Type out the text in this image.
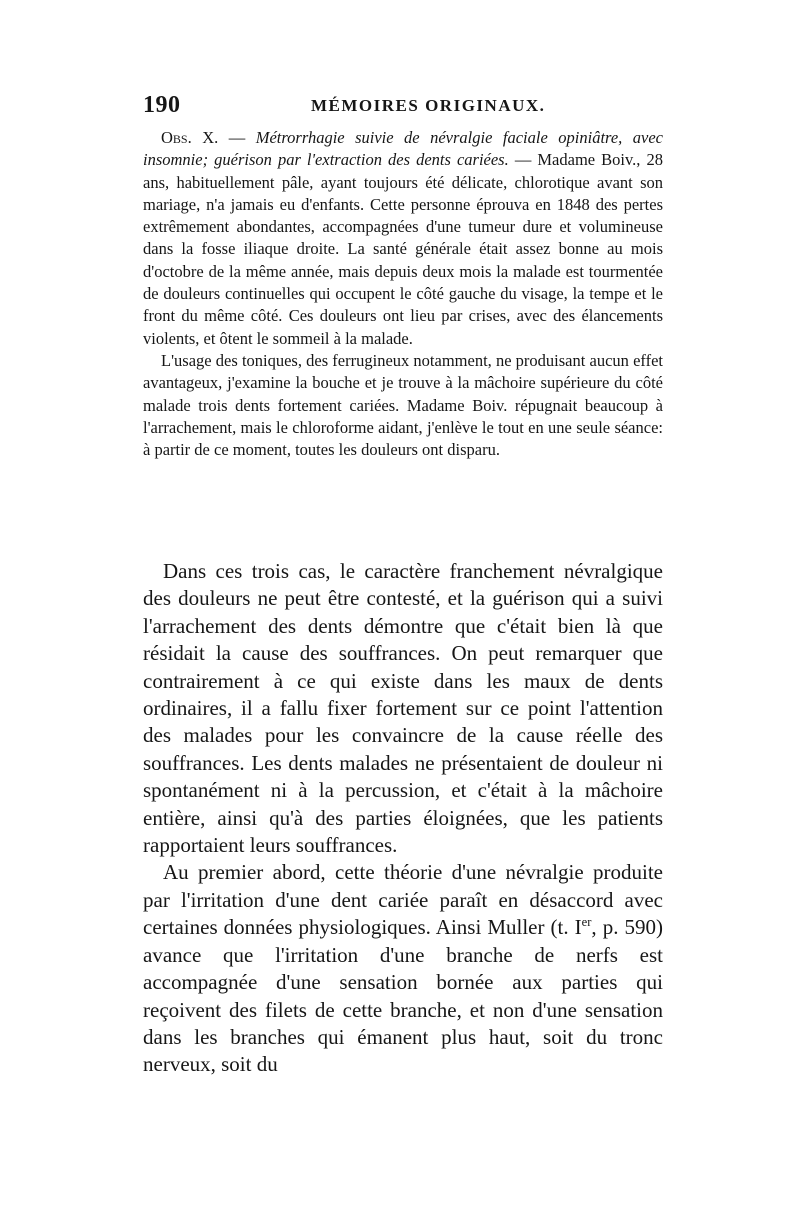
190	MÉMOIRES ORIGINAUX.

Obs. X. — Métrorrhagie suivie de névralgie faciale opiniâtre, avec insomnie; guérison par l'extraction des dents cariées. — Madame Boiv., 28 ans, habituellement pâle, ayant toujours été délicate, chlorotique avant son mariage, n'a jamais eu d'enfants. Cette personne éprouva en 1848 des pertes extrêmement abondantes, accompagnées d'une tumeur dure et volumineuse dans la fosse iliaque droite. La santé générale était assez bonne au mois d'octobre de la même année, mais depuis deux mois la malade est tourmentée de douleurs continuelles qui occupent le côté gauche du visage, la tempe et le front du même côté. Ces douleurs ont lieu par crises, avec des élancements violents, et ôtent le sommeil à la malade.

L'usage des toniques, des ferrugineux notamment, ne produisant aucun effet avantageux, j'examine la bouche et je trouve à la mâchoire supérieure du côté malade trois dents fortement cariées. Madame Boiv. répugnait beaucoup à l'arrachement, mais le chloroforme aidant, j'enlève le tout en une seule séance: à partir de ce moment, toutes les douleurs ont disparu.

Dans ces trois cas, le caractère franchement névralgique des douleurs ne peut être contesté, et la guérison qui a suivi l'arrachement des dents démontre que c'était bien là que résidait la cause des souffrances. On peut remarquer que contrairement à ce qui existe dans les maux de dents ordinaires, il a fallu fixer fortement sur ce point l'attention des malades pour les convaincre de la cause réelle des souffrances. Les dents malades ne présentaient de douleur ni spontanément ni à la percussion, et c'était à la mâchoire entière, ainsi qu'à des parties éloignées, que les patients rapportaient leurs souffrances.

Au premier abord, cette théorie d'une névralgie produite par l'irritation d'une dent cariée paraît en désaccord avec certaines données physiologiques. Ainsi Muller (t. Ier, p. 590) avance que l'irritation d'une branche de nerfs est accompagnée d'une sensation bornée aux parties qui reçoivent des filets de cette branche, et non d'une sensation dans les branches qui émanent plus haut, soit du tronc nerveux, soit du
